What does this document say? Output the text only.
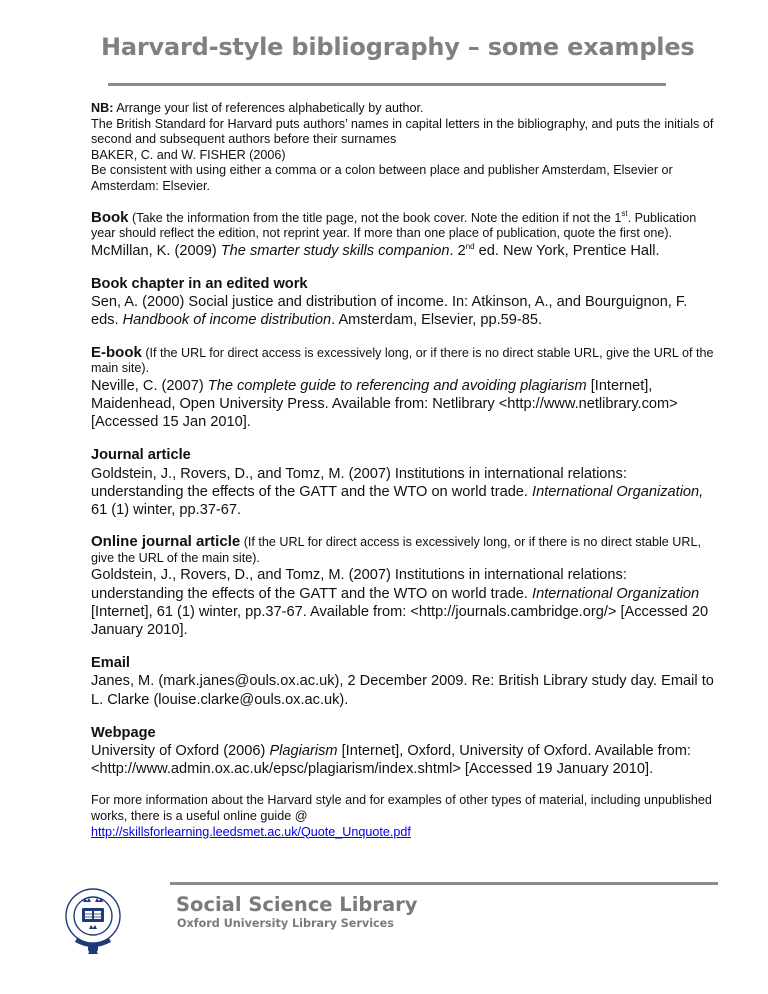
Harvard-style bibliography – some examples
NB: Arrange your list of references alphabetically by author.
The British Standard for Harvard puts authors’ names in capital letters in the bibliography, and puts the initials of second and subsequent authors before their surnames
BAKER, C. and W. FISHER (2006)
Be consistent with using either a comma or a colon between place and publisher Amsterdam, Elsevier or Amsterdam: Elsevier.
Book (Take the information from the title page, not the book cover. Note the edition if not the 1st. Publication year should reflect the edition, not reprint year. If more than one place of publication, quote the first one).
McMillan, K. (2009) The smarter study skills companion. 2nd ed. New York, Prentice Hall.
Book chapter in an edited work
Sen, A. (2000) Social justice and distribution of income. In: Atkinson, A., and Bourguignon, F. eds. Handbook of income distribution. Amsterdam, Elsevier, pp.59-85.
E-book (If the URL for direct access is excessively long, or if there is no direct stable URL, give the URL of the main site).
Neville, C. (2007) The complete guide to referencing and avoiding plagiarism [Internet], Maidenhead, Open University Press. Available from: Netlibrary <http://www.netlibrary.com> [Accessed 15 Jan 2010].
Journal article
Goldstein, J., Rovers, D., and Tomz, M. (2007) Institutions in international relations: understanding the effects of the GATT and the WTO on world trade. International Organization, 61 (1) winter, pp.37-67.
Online journal article (If the URL for direct access is excessively long, or if there is no direct stable URL, give the URL of the main site).
Goldstein, J., Rovers, D., and Tomz, M. (2007) Institutions in international relations: understanding the effects of the GATT and the WTO on world trade. International Organization [Internet], 61 (1) winter, pp.37-67. Available from: <http://journals.cambridge.org/> [Accessed 20 January 2010].
Email
Janes, M. (mark.janes@ouls.ox.ac.uk), 2 December 2009. Re: British Library study day. Email to L. Clarke (louise.clarke@ouls.ox.ac.uk).
Webpage
University of Oxford (2006) Plagiarism [Internet], Oxford, University of Oxford. Available from: <http://www.admin.ox.ac.uk/epsc/plagiarism/index.shtml> [Accessed 19 January 2010].
For more information about the Harvard style and for examples of other types of material, including unpublished works, there is a useful online guide @
http://skillsforlearning.leedsmet.ac.uk/Quote_Unquote.pdf
Social Science Library
Oxford University Library Services
